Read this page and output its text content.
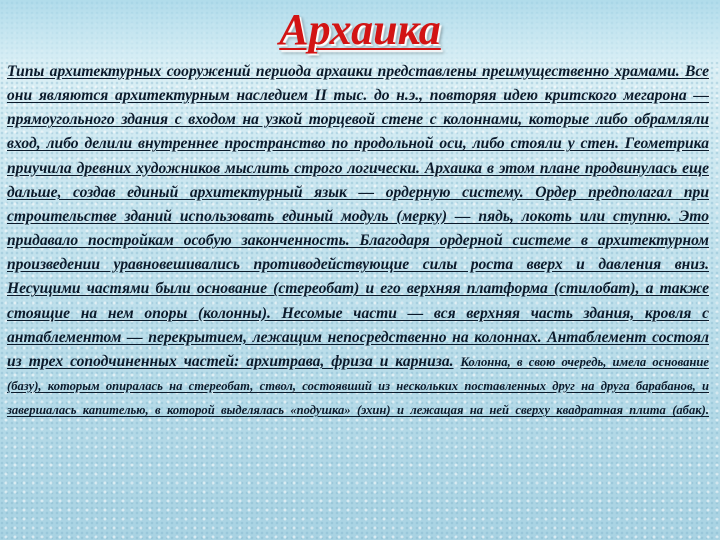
Архаика

Типы архитектурных сооружений периода архаики представлены преимущественно храмами. Все они являются архитектурным наследием II тыс. до н.э., повторяя идею критского мегарона — прямоугольного здания с входом на узкой торцевой стене с колоннами, которые либо обрамляли вход, либо делили внутреннее пространство по продольной оси, либо стояли у стен. Геометрика приучила древних художников мыслить строго логически. Архаика в этом плане продвинулась еще дальше, создав единый архитектурный язык — ордерную систему. Ордер предполагал при строительстве зданий использовать единый модуль (мерку) — пядь, локоть или ступню. Это придавало постройкам особую законченность. Благодаря ордерной системе в архитектурном произведении уравновешивались противодействующие силы роста вверх и давления вниз. Несущими частями были основание (стереобат) и его верхняя платформа (стилобат), а также стоящие на нем опоры (колонны). Несомые части — вся верхняя часть здания, кровля с антаблементом — перекрытием, лежащим непосредственно на колоннах. Антаблемент состоял из трех соподчиненных частей: архитрава, фриза и карниза. Колонна, в свою очередь, имела основание (базу), которым опиралась на стереобат, ствол, состоявший из нескольких поставленных друг на друга барабанов, и завершалась капителью, в которой выделялась «подушка» (эхин) и лежащая на ней сверху квадратная плита (абак).
